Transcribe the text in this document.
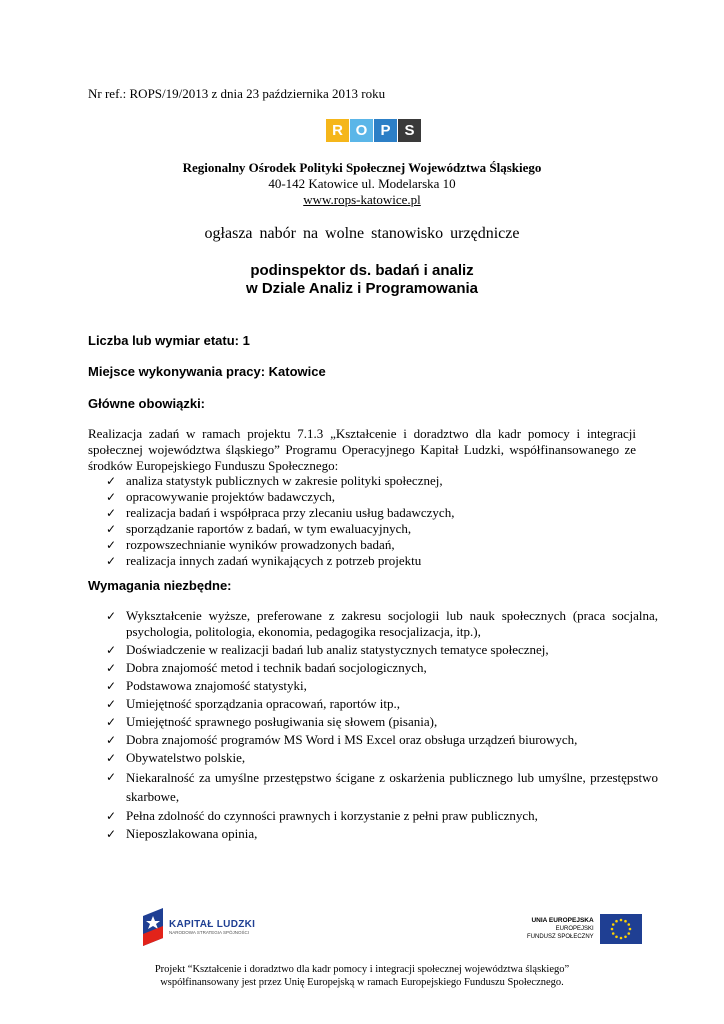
Nr ref.: ROPS/19/2013 z dnia 23 października 2013 roku
R O P S
Regionalny Ośrodek Polityki Społecznej Województwa Śląskiego
40-142 Katowice ul. Modelarska 10
www.rops-katowice.pl
ogłasza nabór na wolne stanowisko urzędnicze
podinspektor ds. badań i analiz
w Dziale Analiz i Programowania
Liczba lub wymiar etatu: 1
Miejsce wykonywania pracy: Katowice
Główne obowiązki:
Realizacja zadań w ramach projektu 7.1.3 „Kształcenie i doradztwo dla kadr pomocy i integracji społecznej województwa śląskiego” Programu Operacyjnego Kapitał Ludzki, współfinansowanego ze środków Europejskiego Funduszu Społecznego:
✓ analiza statystyk publicznych w zakresie polityki społecznej,
✓ opracowywanie projektów badawczych,
✓ realizacja badań i współpraca przy zlecaniu usług badawczych,
✓ sporządzanie raportów z badań, w tym ewaluacyjnych,
✓ rozpowszechnianie wyników prowadzonych badań,
✓ realizacja innych zadań wynikających z potrzeb projektu
Wymagania niezbędne:
✓ Wykształcenie wyższe, preferowane z zakresu socjologii lub nauk społecznych (praca socjalna, psychologia, politologia, ekonomia, pedagogika resocjalizacja, itp.),
✓ Doświadczenie w realizacji badań lub analiz statystycznych tematyce społecznej,
✓ Dobra znajomość metod i technik badań socjologicznych,
✓ Podstawowa znajomość statystyki,
✓ Umiejętność sporządzania opracowań, raportów itp.,
✓ Umiejętność sprawnego posługiwania się słowem (pisania),
✓ Dobra znajomość programów MS Word i MS Excel oraz obsługa urządzeń biurowych,
✓ Obywatelstwo polskie,
✓ Niekaralność za umyślne przestępstwo ścigane z oskarżenia publicznego lub umyślne, przestępstwo skarbowe,
✓ Pełna zdolność do czynności prawnych i korzystanie z pełni praw publicznych,
✓ Nieposzlakowana opinia,
KAPITAŁ LUDZKI
NARODOWA STRATEGIA SPÓJNOŚCI
UNIA EUROPEJSKA
EUROPEJSKI
FUNDUSZ SPOŁECZNY
Projekt “Kształcenie i doradztwo dla kadr pomocy i integracji społecznej województwa śląskiego”
współfinansowany jest przez Unię Europejską w ramach Europejskiego Funduszu Społecznego.
